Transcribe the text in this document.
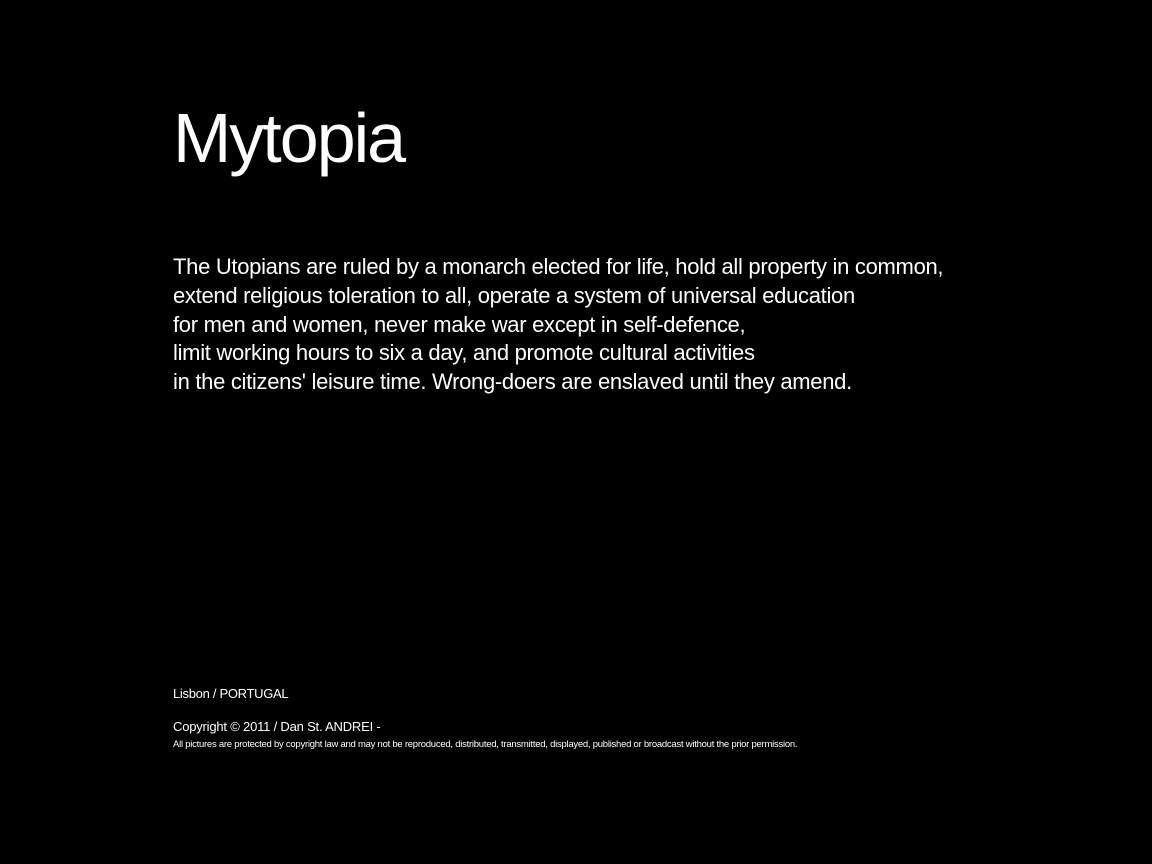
Mytopia

The Utopians are ruled by a monarch elected for life, hold all property in common,
extend religious toleration to all, operate a system of universal education
for men and women, never make war except in self-defence,
limit working hours to six a day, and promote cultural activities
in the citizens' leisure time. Wrong-doers are enslaved until they amend.

Lisbon / PORTUGAL

Copyright © 2011 / Dan St. ANDREI -

All pictures are protected by copyright law and may not be reproduced, distributed, transmitted, displayed, published or broadcast without the prior permission.
